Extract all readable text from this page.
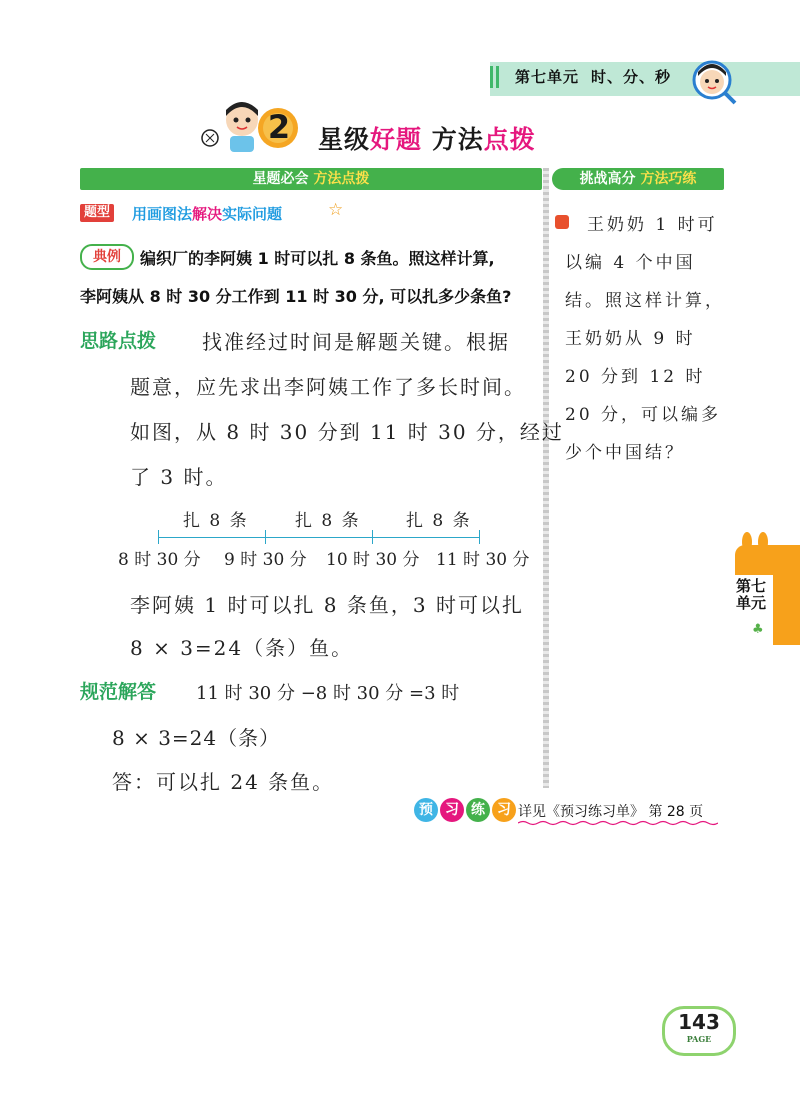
第七单元 时、分、秒
2	星级好题 方法点拨
星题必会 方法点拨	挑战高分 方法巧练
题型 用画图法解决实际问题	☆
典例	编织厂的李阿姨 1 时可以扎 8 条鱼。照这样计算,
李阿姨从 8 时 30 分工作到 11 时 30 分, 可以扎多少条鱼?
思路点拨 找准经过时间是解题关键。根据
题意，应先求出李阿姨工作了多长时间。
如图，从 8 时 30 分到 11 时 30 分，经过
了 3 时。
扎 8 条	扎 8 条	扎 8 条
8 时 30 分 9 时 30 分 10 时 30 分 11 时 30 分
李阿姨 1 时可以扎 8 条鱼，3 时可以扎
8 × 3=24（条）鱼。
规范解答 11 时 30 分 −8 时 30 分 =3 时
8 × 3=24（条）
答：可以扎 24 条鱼。
王奶奶 1 时可以编 4 个中国结。照这样计算，王奶奶从 9 时 20 分到 12 时 20 分，可以编多少个中国结？
预 习 练 习 详见《预习练习单》 第 28 页
第七单元
♣
143
PAGE
